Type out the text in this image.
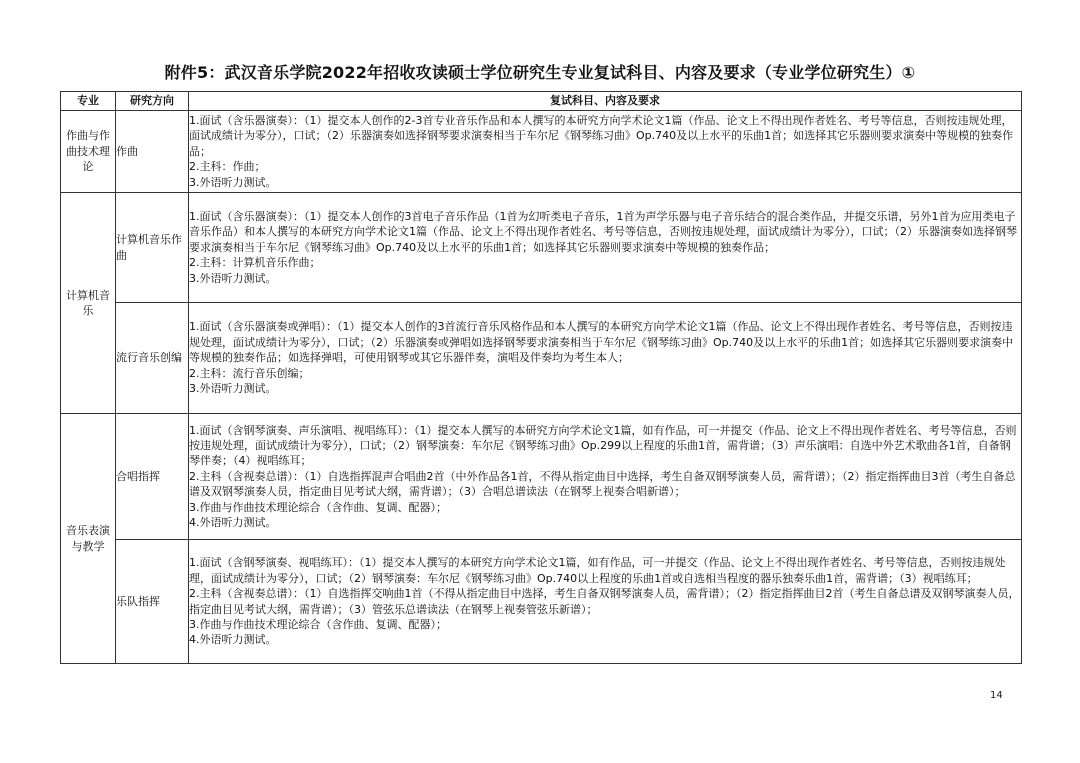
附件5：武汉音乐学院2022年招收攻读硕士学位研究生专业复试科目、内容及要求（专业学位研究生）①
专业	研究方向	复试科目、内容及要求
作曲与作曲技术理论	作曲	1.面试（含乐器演奏）：（1）提交本人创作的2-3首专业音乐作品和本人撰写的本研究方向学术论文1篇（作品、论文上不得出现作者姓名、考号等信息，否则按违规处理，面试成绩计为零分），口试；（2）乐器演奏如选择钢琴要求演奏相当于车尔尼《钢琴练习曲》Op.740及以上水平的乐曲1首；如选择其它乐器则要求演奏中等规模的独奏作品；
2.主科：作曲；
3.外语听力测试。

计算机音乐	计算机音乐作曲	1.面试（含乐器演奏）：（1）提交本人创作的3首电子音乐作品（1首为幻听类电子音乐，1首为声学乐器与电子音乐结合的混合类作品，并提交乐谱，另外1首为应用类电子音乐作品）和本人撰写的本研究方向学术论文1篇（作品、论文上不得出现作者姓名、考号等信息，否则按违规处理，面试成绩计为零分），口试；（2）乐器演奏如选择钢琴要求演奏相当于车尔尼《钢琴练习曲》Op.740及以上水平的乐曲1首；如选择其它乐器则要求演奏中等规模的独奏作品；
2.主科：计算机音乐作曲；
3.外语听力测试。

	流行音乐创编	1.面试（含乐器演奏或弹唱）：（1）提交本人创作的3首流行音乐风格作品和本人撰写的本研究方向学术论文1篇（作品、论文上不得出现作者姓名、考号等信息，否则按违规处理，面试成绩计为零分），口试；（2）乐器演奏或弹唱如选择钢琴要求演奏相当于车尔尼《钢琴练习曲》Op.740及以上水平的乐曲1首；如选择其它乐器则要求演奏中等规模的独奏作品；如选择弹唱，可使用钢琴或其它乐器伴奏，演唱及伴奏均为考生本人；
2.主科：流行音乐创编；
3.外语听力测试。

音乐表演与教学	合唱指挥	1.面试（含钢琴演奏、声乐演唱、视唱练耳）：（1）提交本人撰写的本研究方向学术论文1篇，如有作品，可一并提交（作品、论文上不得出现作者姓名、考号等信息，否则按违规处理，面试成绩计为零分），口试；（2）钢琴演奏：车尔尼《钢琴练习曲》Op.299以上程度的乐曲1首，需背谱；（3）声乐演唱：自选中外艺术歌曲各1首，自备钢琴伴奏；（4）视唱练耳；
2.主科（含视奏总谱）：（1）自选指挥混声合唱曲2首（中外作品各1首，不得从指定曲目中选择，考生自备双钢琴演奏人员，需背谱）；（2）指定指挥曲目3首（考生自备总谱及双钢琴演奏人员，指定曲目见考试大纲，需背谱）；（3）合唱总谱读法（在钢琴上视奏合唱新谱）；
3.作曲与作曲技术理论综合（含作曲、复调、配器）；
4.外语听力测试。

	乐队指挥	1.面试（含钢琴演奏、视唱练耳）：（1）提交本人撰写的本研究方向学术论文1篇，如有作品，可一并提交（作品、论文上不得出现作者姓名、考号等信息，否则按违规处理，面试成绩计为零分），口试；（2）钢琴演奏：车尔尼《钢琴练习曲》Op.740以上程度的乐曲1首或自选相当程度的器乐独奏乐曲1首，需背谱；（3）视唱练耳；
2.主科（含视奏总谱）：（1）自选指挥交响曲1首（不得从指定曲目中选择，考生自备双钢琴演奏人员，需背谱）；（2）指定指挥曲目2首（考生自备总谱及双钢琴演奏人员，指定曲目见考试大纲，需背谱）；（3）管弦乐总谱读法（在钢琴上视奏管弦乐新谱）；
3.作曲与作曲技术理论综合（含作曲、复调、配器）；
4.外语听力测试。
14
